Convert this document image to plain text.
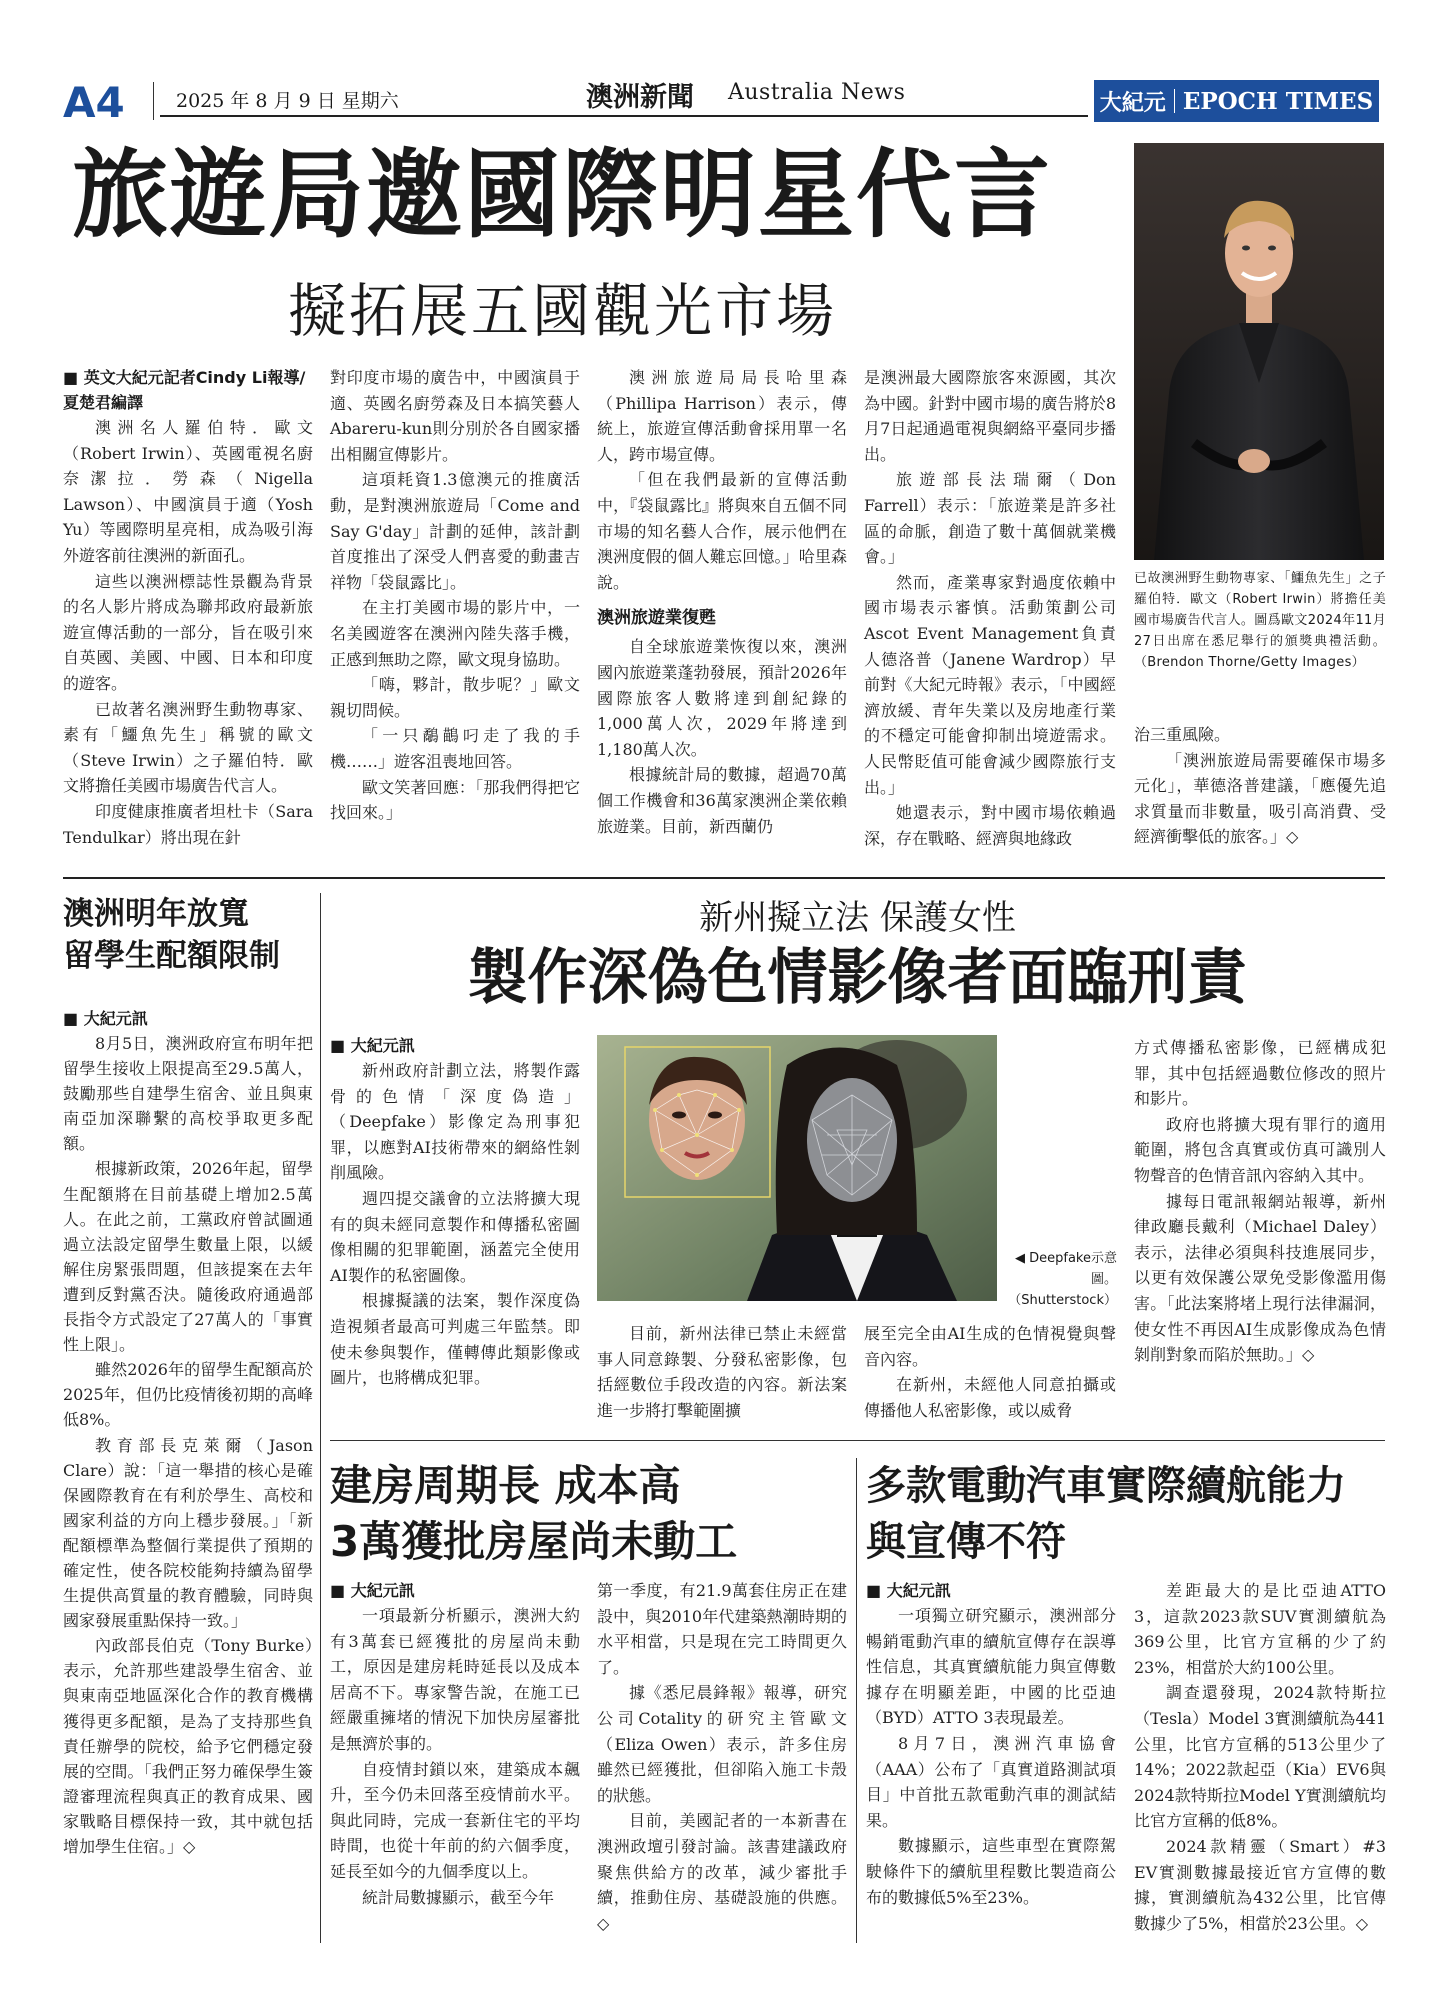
A4	2025 年 8 月 9 日 星期六	澳洲新聞 Australia News	大紀元 EPOCH TIMES
旅遊局邀國際明星代言
擬拓展五國觀光市場
已故澳洲野生動物專家、「鱷魚先生」之子羅伯特．歐文（Robert Irwin）將擔任美國市場廣告代言人。圖爲歐文2024年11月27日出席在悉尼舉行的頒獎典禮活動。（Brendon Thorne/Getty Images）
■ 英文大紀元記者Cindy Li報導/夏楚君編譯

澳洲名人羅伯特．歐文（Robert Irwin）、英國電視名廚奈潔拉．勞森（Nigella Lawson）、中國演員于適（Yosh Yu）等國際明星亮相，成為吸引海外遊客前往澳洲的新面孔。

這些以澳洲標誌性景觀為背景的名人影片將成為聯邦政府最新旅遊宣傳活動的一部分，旨在吸引來自英國、美國、中國、日本和印度的遊客。

已故著名澳洲野生動物專家、素有「鱷魚先生」稱號的歐文（Steve Irwin）之子羅伯特．歐文將擔任美國市場廣告代言人。

印度健康推廣者坦杜卡（Sara Tendulkar）將出現在針

對印度市場的廣告中，中國演員于適、英國名廚勞森及日本搞笑藝人Abareru-kun則分別於各自國家播出相關宣傳影片。

這項耗資1.3億澳元的推廣活動，是對澳洲旅遊局「Come and Say G'day」計劃的延伸，該計劃首度推出了深受人們喜愛的動畫吉祥物「袋鼠露比」。

在主打美國市場的影片中，一名美國遊客在澳洲內陸失落手機，正感到無助之際，歐文現身協助。

「嗨，夥計，散步呢？」歐文親切問候。

「一只鷸鶓叼走了我的手機……」遊客沮喪地回答。

歐文笑著回應：「那我們得把它找回來。」

澳洲旅遊局局長哈里森（Phillipa Harrison）表示，傳統上，旅遊宣傳活動會採用單一名人，跨市場宣傳。

「但在我們最新的宣傳活動中，『袋鼠露比』將與來自五個不同市場的知名藝人合作，展示他們在澳洲度假的個人難忘回憶。」哈里森說。

澳洲旅遊業復甦

自全球旅遊業恢復以來，澳洲國內旅遊業蓬勃發展，預計2026年國際旅客人數將達到創紀錄的1,000萬人次，2029年將達到1,180萬人次。

根據統計局的數據，超過70萬個工作機會和36萬家澳洲企業依賴旅遊業。目前，新西蘭仍

是澳洲最大國際旅客來源國，其次為中國。針對中國市場的廣告將於8月7日起通過電視與網絡平臺同步播出。

旅遊部長法瑞爾（Don Farrell）表示：「旅遊業是許多社區的命脈，創造了數十萬個就業機會。」

然而，產業專家對過度依賴中國市場表示審慎。活動策劃公司Ascot Event Management負責人德洛普（Janene Wardrop）早前對《大紀元時報》表示，「中國經濟放緩、青年失業以及房地產行業的不穩定可能會抑制出境遊需求。人民幣貶值可能會減少國際旅行支出。」

她還表示，對中國市場依賴過深，存在戰略、經濟與地緣政

治三重風險。

「澳洲旅遊局需要確保市場多元化」，華德洛普建議，「應優先追求質量而非數量，吸引高消費、受經濟衝擊低的旅客。」◇

澳洲明年放寬
留學生配額限制
■ 大紀元訊

8月5日，澳洲政府宣布明年把留學生接收上限提高至29.5萬人，鼓勵那些自建學生宿舍、並且與東南亞加深聯繫的高校爭取更多配額。

根據新政策，2026年起，留學生配額將在目前基礎上增加2.5萬人。在此之前，工黨政府曾試圖通過立法設定留學生數量上限，以緩解住房緊張問題，但該提案在去年遭到反對黨否決。隨後政府通過部長指令方式設定了27萬人的「事實性上限」。

雖然2026年的留學生配額高於2025年，但仍比疫情後初期的高峰低8%。

教育部長克萊爾（Jason Clare）說：「這一舉措的核心是確保國際教育在有利於學生、高校和國家利益的方向上穩步發展。」「新配額標準為整個行業提供了預期的確定性，使各院校能夠持續為留學生提供高質量的教育體驗，同時與國家發展重點保持一致。」

內政部長伯克（Tony Burke）表示，允許那些建設學生宿舍、並與東南亞地區深化合作的教育機構獲得更多配額，是為了支持那些負責任辦學的院校，給予它們穩定發展的空間。「我們正努力確保學生簽證審理流程與真正的教育成果、國家戰略目標保持一致，其中就包括增加學生住宿。」◇

新州擬立法 保護女性
製作深偽色情影像者面臨刑責
■ 大紀元訊

新州政府計劃立法，將製作露骨的色情「深度偽造」（Deepfake）影像定為刑事犯罪，以應對AI技術帶來的網絡性剝削風險。

週四提交議會的立法將擴大現有的與未經同意製作和傳播私密圖像相關的犯罪範圍，涵蓋完全使用AI製作的私密圖像。

根據擬議的法案，製作深度偽造視頻者最高可判處三年監禁。即使未參與製作，僅轉傳此類影像或圖片，也將構成犯罪。

◀ Deepfake示意圖。（Shutterstock）

目前，新州法律已禁止未經當事人同意錄製、分發私密影像，包括經數位手段改造的內容。新法案進一步將打擊範圍擴

展至完全由AI生成的色情視覺與聲音內容。

在新州，未經他人同意拍攝或傳播他人私密影像，或以威脅

方式傳播私密影像，已經構成犯罪，其中包括經過數位修改的照片和影片。

政府也將擴大現有罪行的適用範圍，將包含真實或仿真可識別人物聲音的色情音訊內容納入其中。

據每日電訊報網站報導，新州律政廳長戴利（Michael Daley）表示，法律必須與科技進展同步，以更有效保護公眾免受影像濫用傷害。「此法案將堵上現行法律漏洞，使女性不再因AI生成影像成為色情剝削對象而陷於無助。」◇

建房周期長 成本高
3萬獲批房屋尚未動工
■ 大紀元訊

一項最新分析顯示，澳洲大約有3萬套已經獲批的房屋尚未動工，原因是建房耗時延長以及成本居高不下。專家警告說，在施工已經嚴重擁堵的情況下加快房屋審批是無濟於事的。

自疫情封鎖以來，建築成本飆升，至今仍未回落至疫情前水平。與此同時，完成一套新住宅的平均時間，也從十年前的約六個季度，延長至如今的九個季度以上。

統計局數據顯示，截至今年

第一季度，有21.9萬套住房正在建設中，與2010年代建築熱潮時期的水平相當，只是現在完工時間更久了。

據《悉尼晨鋒報》報導，研究公司Cotality的研究主管歐文（Eliza Owen）表示，許多住房雖然已經獲批，但卻陷入施工卡殼的狀態。

目前，美國記者的一本新書在澳洲政壇引發討論。該書建議政府聚焦供給方的改革，減少審批手續，推動住房、基礎設施的供應。◇

多款電動汽車實際續航能力
與宣傳不符
■ 大紀元訊

一項獨立研究顯示，澳洲部分暢銷電動汽車的續航宣傳存在誤導性信息，其真實續航能力與宣傳數據存在明顯差距，中國的比亞迪（BYD）ATTO 3表現最差。

8月7日，澳洲汽車協會（AAA）公布了「真實道路測試項目」中首批五款電動汽車的測試結果。

數據顯示，這些車型在實際駕駛條件下的續航里程數比製造商公布的數據低5%至23%。

差距最大的是比亞迪ATTO 3，這款2023款SUV實測續航為369公里，比官方宣稱的少了約23%，相當於大約100公里。

調查還發現，2024款特斯拉（Tesla）Model 3實測續航為441公里，比官方宣稱的513公里少了14%；2022款起亞（Kia）EV6與2024款特斯拉Model Y實測續航均比官方宣稱的低8%。

2024款精靈（Smart）#3 EV實測數據最接近官方宣傳的數據，實測續航為432公里，比官傳數據少了5%，相當於23公里。◇
